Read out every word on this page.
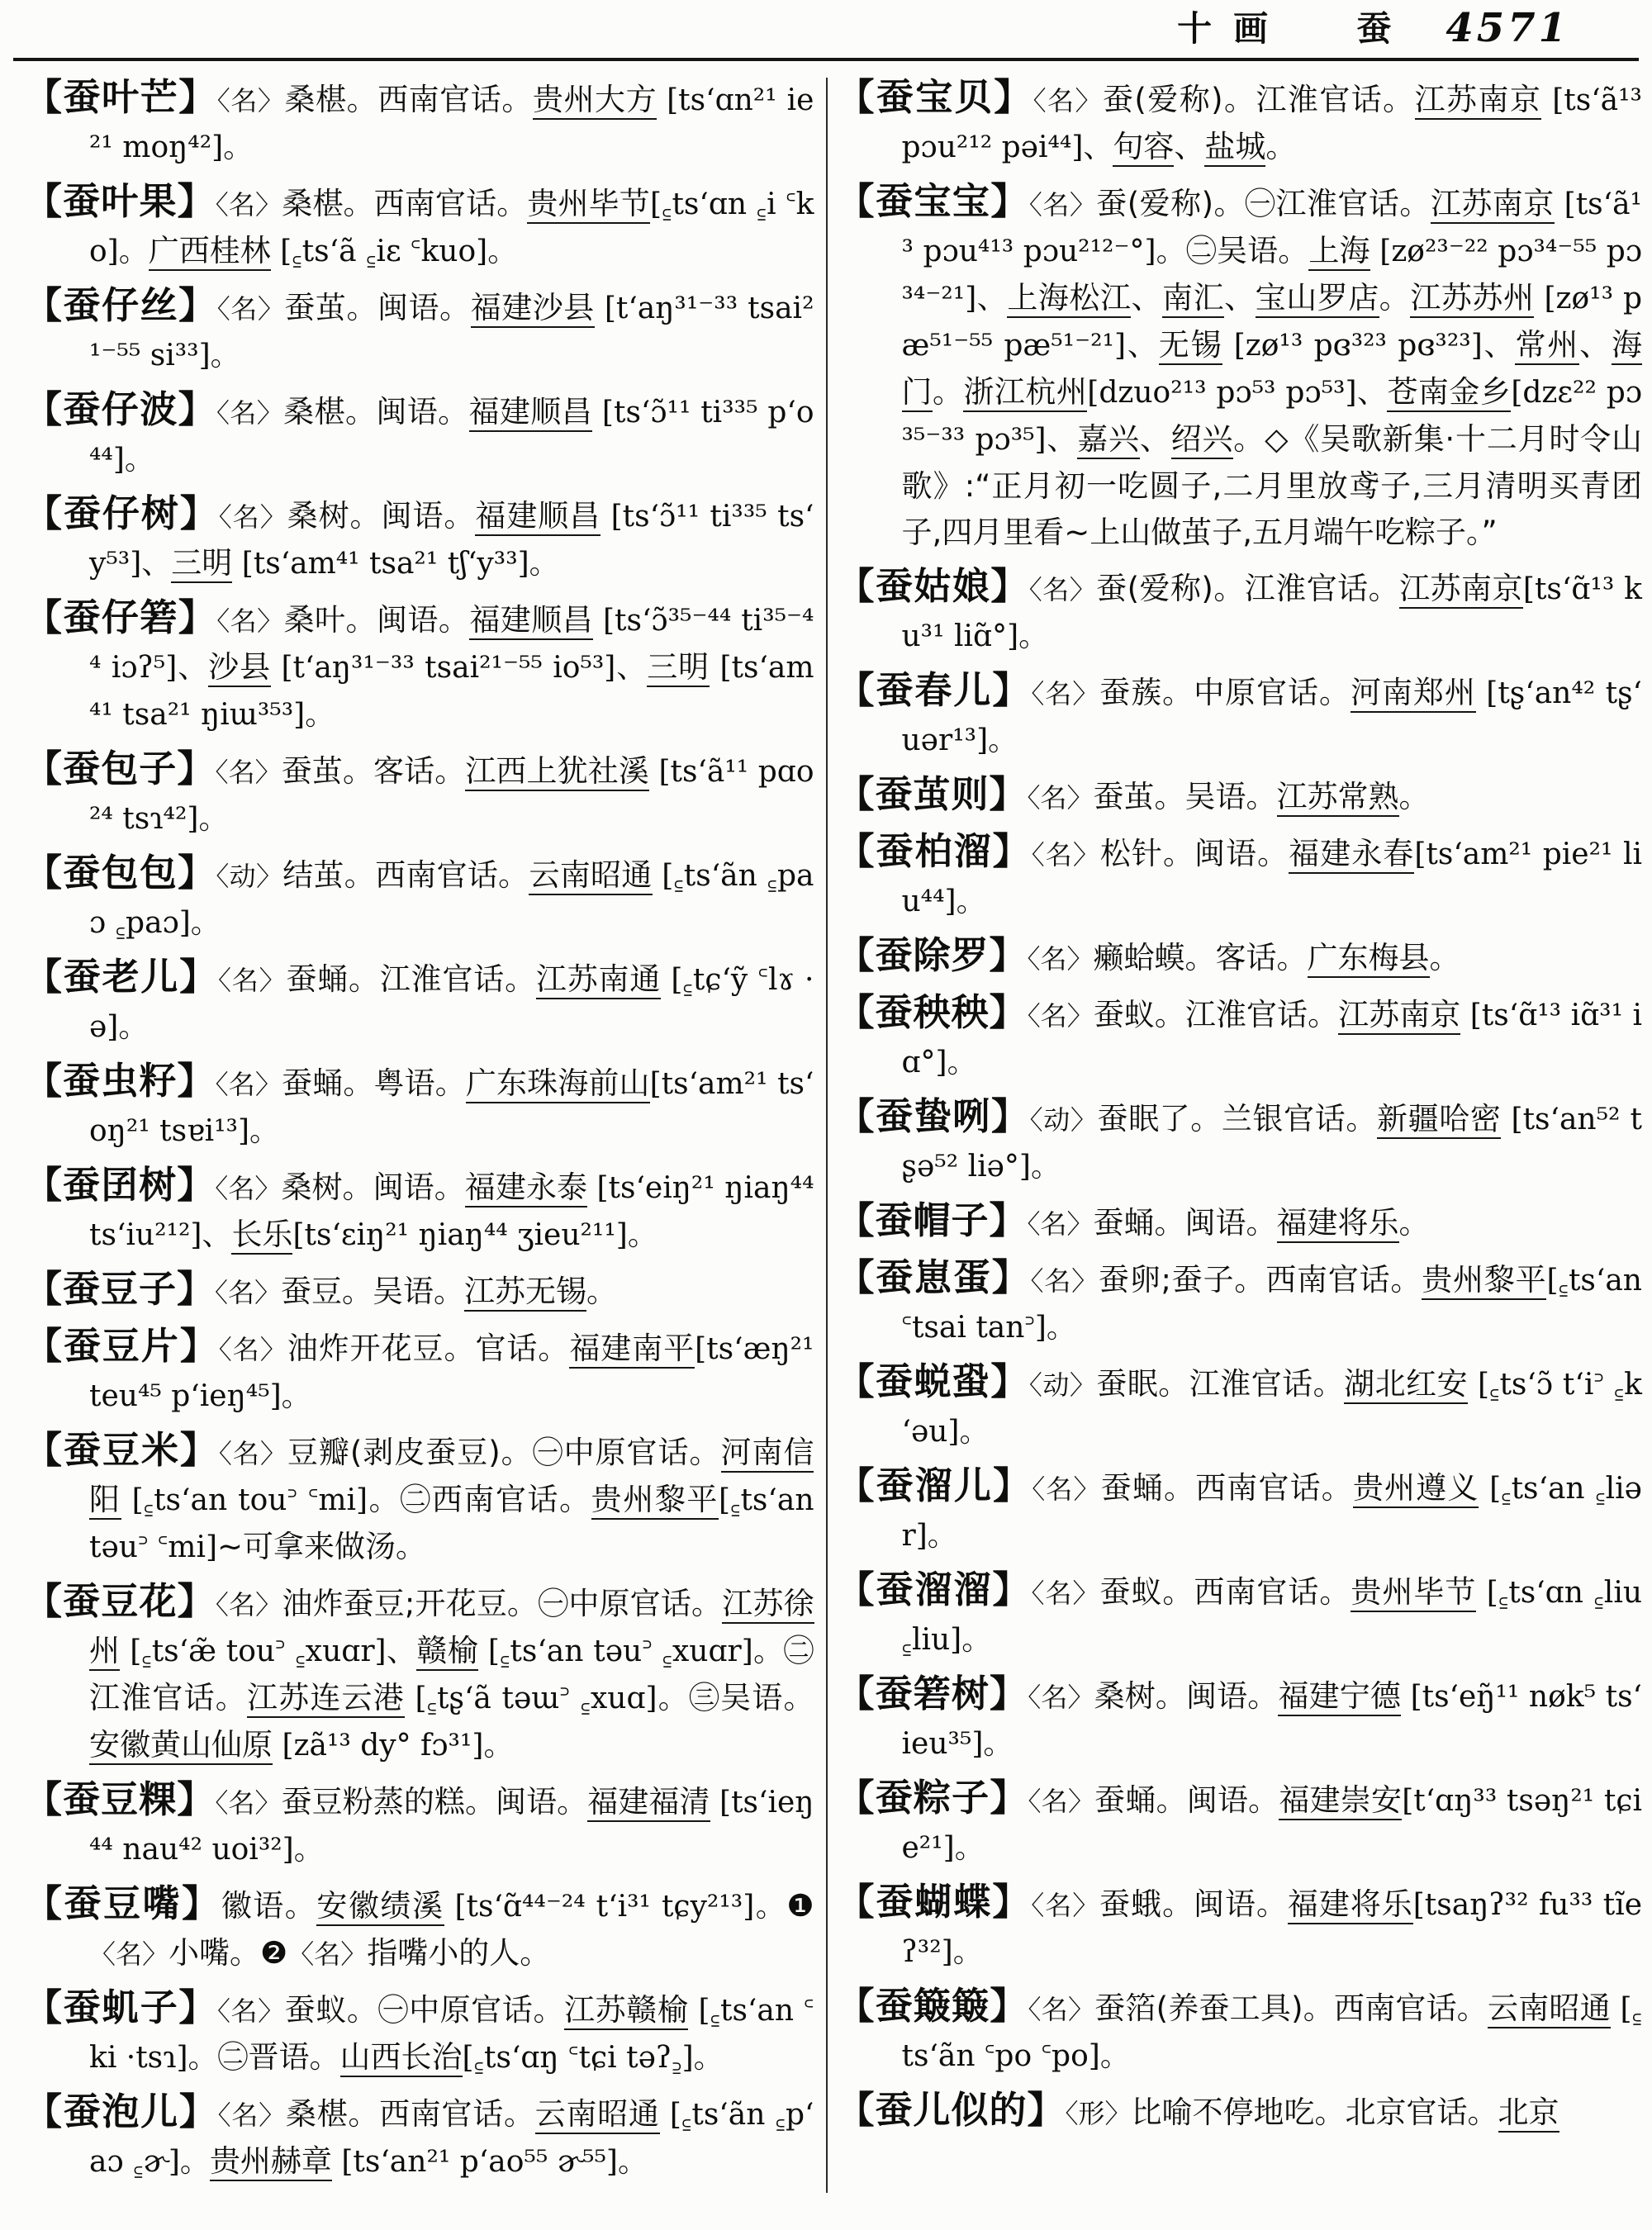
十画  蚕 4571

【蚕叶芒】〈名〉桑椹。西南官话。贵州大方 [tsʻɑn²¹ ie²¹ moŋ⁴²]。

【蚕叶果】〈名〉桑椹。西南官话。贵州毕节[꜁tsʻɑn ꜁i ꜂ko]。广西桂林 [꜁tsʻã ꜁iɛ ꜂kuo]。

【蚕仔丝】〈名〉蚕茧。闽语。福建沙县 [tʻaŋ³¹⁻³³ tsai²¹⁻⁵⁵ si³³]。

【蚕仔波】〈名〉桑椹。闽语。福建顺昌 [tsʻɔ̃¹¹ ti³³⁵ pʻo⁴⁴]。

【蚕仔树】〈名〉桑树。闽语。福建顺昌 [tsʻɔ̃¹¹ ti³³⁵ tsʻy⁵³]、三明 [tsʻam⁴¹ tsa²¹ tʃʻy³³]。

【蚕仔箬】〈名〉桑叶。闽语。福建顺昌 [tsʻɔ̃³⁵⁻⁴⁴ ti³⁵⁻⁴⁴ iɔʔ⁵]、沙县 [tʻaŋ³¹⁻³³ tsai²¹⁻⁵⁵ io⁵³]、三明 [tsʻam⁴¹ tsa²¹ ŋiɯ³⁵³]。

【蚕包子】〈名〉蚕茧。客话。江西上犹社溪 [tsʻã¹¹ pɑo²⁴ tsɿ⁴²]。

【蚕包包】〈动〉结茧。西南官话。云南昭通 [꜁tsʻãn ꜁paɔ ꜁paɔ]。

【蚕老儿】〈名〉蚕蛹。江淮官话。江苏南通 [꜁tɕʻỹ ꜂lɤ ·ə]。

【蚕虫籽】〈名〉蚕蛹。粤语。广东珠海前山[tsʻam²¹ tsʻoŋ²¹ tsɐi¹³]。

【蚕囝树】〈名〉桑树。闽语。福建永泰 [tsʻeiŋ²¹ ŋiaŋ⁴⁴ tsʻiu²¹²]、长乐[tsʻɛiŋ²¹ ŋiaŋ⁴⁴ ʒieu²¹¹]。

【蚕豆子】〈名〉蚕豆。吴语。江苏无锡。

【蚕豆片】〈名〉油炸开花豆。官话。福建南平[tsʻæŋ²¹ teu⁴⁵ pʻieŋ⁴⁵]。

【蚕豆米】〈名〉豆瓣(剥皮蚕豆)。㊀中原官话。河南信阳 [꜁tsʻan tou꜄ ꜂mi]。㊁西南官话。贵州黎平[꜁tsʻan təu꜄ ꜂mi]~可拿来做汤。

【蚕豆花】〈名〉油炸蚕豆;开花豆。㊀中原官话。江苏徐州 [꜁tsʻæ̃ tou꜄ ꜁xuɑr]、赣榆 [꜁tsʻan təu꜄ ꜁xuɑr]。㊁江淮官话。江苏连云港 [꜁tʂʻã təɯ꜄ ꜁xuɑ]。㊂吴语。安徽黄山仙原 [zã¹³ dy° fɔ³¹]。

【蚕豆粿】〈名〉蚕豆粉蒸的糕。闽语。福建福清 [tsʻieŋ⁴⁴ nau⁴² uoi³²]。

【蚕豆嘴】徽语。安徽绩溪 [tsʻɑ̃⁴⁴⁻²⁴ tʻi³¹ tɕy²¹³]。❶〈名〉小嘴。❷〈名〉指嘴小的人。

【蚕虮子】〈名〉蚕蚁。㊀中原官话。江苏赣榆 [꜁tsʻan ꜂ki ·tsɿ]。㊁晋语。山西长治[꜁tsʻɑŋ ꜂tɕi təʔ꜇]。

【蚕泡儿】〈名〉桑椹。西南官话。云南昭通 [꜁tsʻãn ꜁pʻaɔ ꜁ɚ]。贵州赫章 [tsʻan²¹ pʻao⁵⁵ ɚ⁵⁵]。

【蚕宝贝】〈名〉蚕(爱称)。江淮官话。江苏南京 [tsʻã¹³ pɔu²¹² pəi⁴⁴]、句容、盐城。

【蚕宝宝】〈名〉蚕(爱称)。㊀江淮官话。江苏南京 [tsʻã¹³ pɔu⁴¹³ pɔu²¹²⁻°]。㊁吴语。上海 [zø²³⁻²² pɔ³⁴⁻⁵⁵ pɔ³⁴⁻²¹]、上海松江、南汇、宝山罗店。江苏苏州 [zø¹³ pæ⁵¹⁻⁵⁵ pæ⁵¹⁻²¹]、无锡 [zø¹³ pɞ³²³ pɞ³²³]、常州、海门。浙江杭州[dzuo²¹³ pɔ⁵³ pɔ⁵³]、苍南金乡[dzɛ²² pɔ³⁵⁻³³ pɔ³⁵]、嘉兴、绍兴。◇《吴歌新集·十二月时令山歌》:“正月初一吃圆子,二月里放鸢子,三月清明买青团子,四月里看~上山做茧子,五月端午吃粽子。”

【蚕姑娘】〈名〉蚕(爱称)。江淮官话。江苏南京[tsʻɑ̃¹³ ku³¹ liɑ̃°]。

【蚕春儿】〈名〉蚕蔟。中原官话。河南郑州 [tʂʻan⁴² tʂʻuər¹³]。

【蚕茧则】〈名〉蚕茧。吴语。江苏常熟。

【蚕柏溜】〈名〉松针。闽语。福建永春[tsʻam²¹ pie²¹ liu⁴⁴]。

【蚕除罗】〈名〉癞蛤蟆。客话。广东梅县。

【蚕秧秧】〈名〉蚕蚁。江淮官话。江苏南京 [tsʻɑ̃¹³ iɑ̃³¹ iɑ°]。

【蚕蛰咧】〈动〉蚕眠了。兰银官话。新疆哈密 [tsʻan⁵² tʂə⁵² liə°]。

【蚕帽子】〈名〉蚕蛹。闽语。福建将乐。

【蚕崽蛋】〈名〉蚕卵;蚕子。西南官话。贵州黎平[꜁tsʻan ꜂tsai tan꜄]。

【蚕蜕蛩】〈动〉蚕眠。江淮官话。湖北红安 [꜁tsʻɔ̃ tʻi꜄ ꜁kʻəu]。

【蚕溜儿】〈名〉蚕蛹。西南官话。贵州遵义 [꜁tsʻan ꜁liər]。

【蚕溜溜】〈名〉蚕蚁。西南官话。贵州毕节 [꜁tsʻɑn ꜁liu ꜁liu]。

【蚕箬树】〈名〉桑树。闽语。福建宁德 [tsʻeŋ̃¹¹ nøk⁵ tsʻieu³⁵]。

【蚕粽子】〈名〉蚕蛹。闽语。福建崇安[tʻɑŋ³³ tsəŋ²¹ tɕie²¹]。

【蚕蝴蝶】〈名〉蚕蛾。闽语。福建将乐[tsaŋʔ³² fu³³ tĩeʔ³²]。

【蚕簸簸】〈名〉蚕箔(养蚕工具)。西南官话。云南昭通 [꜁tsʻãn ꜂po ꜂po]。

【蚕儿似的】〈形〉比喻不停地吃。北京官话。北京
